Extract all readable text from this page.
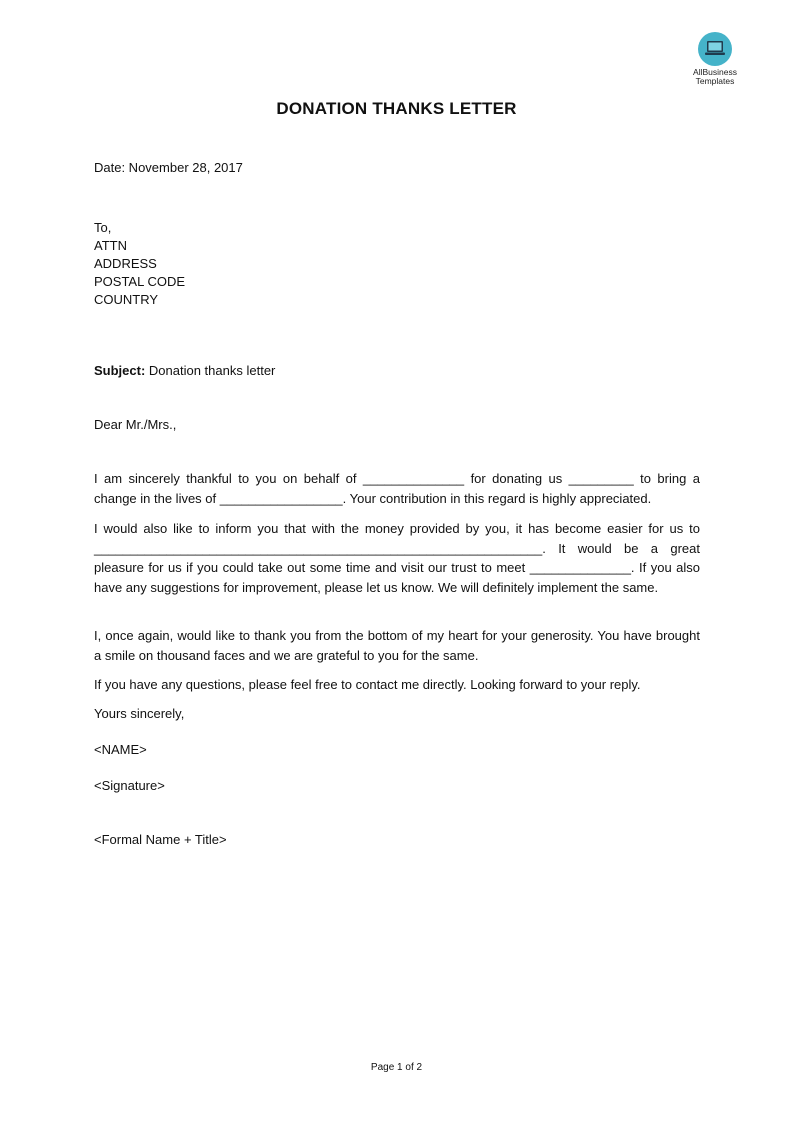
AllBusiness
Templates
DONATION THANKS LETTER
Date: November 28, 2017
To,
ATTN
ADDRESS
POSTAL CODE
COUNTRY
Subject: Donation thanks letter
Dear Mr./Mrs.,
I am sincerely thankful to you on behalf of ______________ for donating us _________ to bring a change in the lives of _________________. Your contribution in this regard is highly appreciated.
I would also like to inform you that with the money provided by you, it has become easier for us to ______________________________________________________________. It would be a great pleasure for us if you could take out some time and visit our trust to meet ______________. If you also have any suggestions for improvement, please let us know. We will definitely implement the same.
I, once again, would like to thank you from the bottom of my heart for your generosity. You have brought a smile on thousand faces and we are grateful to you for the same.
If you have any questions, please feel free to contact me directly. Looking forward to your reply.
Yours sincerely,
<NAME>
<Signature>
<Formal Name + Title>
Page 1 of 2
